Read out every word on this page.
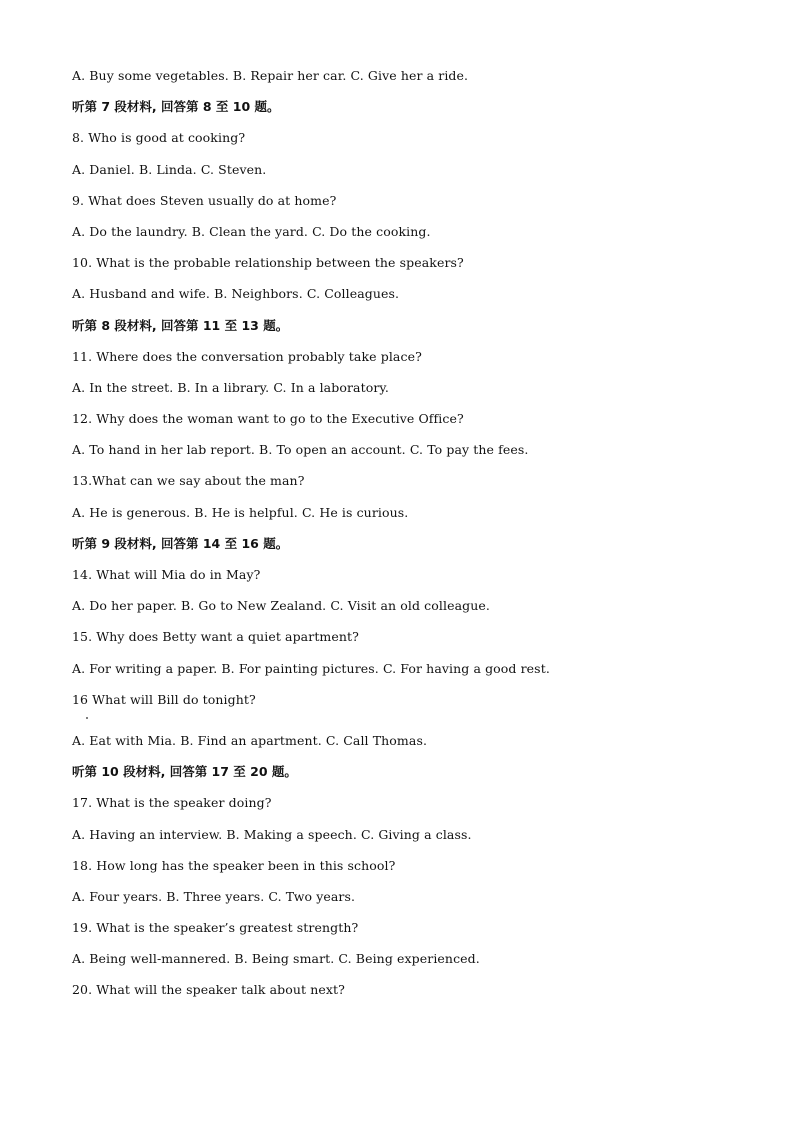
A. Buy some vegetables. B. Repair her car. C. Give her a ride.
听第 7 段材料, 回答第 8 至 10 题。
8. Who is good at cooking?
A. Daniel. B. Linda. C. Steven.
9. What does Steven usually do at home?
A. Do the laundry. B. Clean the yard. C. Do the cooking.
10. What is the probable relationship between the speakers?
A. Husband and wife. B. Neighbors. C. Colleagues.
听第 8 段材料, 回答第 11 至 13 题。
11. Where does the conversation probably take place?
A. In the street. B. In a library. C. In a laboratory.
12. Why does the woman want to go to the Executive Office?
A. To hand in her lab report. B. To open an account. C. To pay the fees.
13.What can we say about the man?
A. He is generous. B. He is helpful. C. He is curious.
听第 9 段材料, 回答第 14 至 16 题。
14. What will Mia do in May?
A. Do her paper. B. Go to New Zealand. C. Visit an old colleague.
15. Why does Betty want a quiet apartment?
A. For writing a paper. B. For painting pictures. C. For having a good rest.
16 What will Bill do tonight?
A. Eat with Mia. B. Find an apartment. C. Call Thomas.
听第 10 段材料, 回答第 17 至 20 题。
17. What is the speaker doing?
A. Having an interview. B. Making a speech. C. Giving a class.
18. How long has the speaker been in this school?
A. Four years. B. Three years. C. Two years.
19. What is the speaker’s greatest strength?
A. Being well-mannered. B. Being smart. C. Being experienced.
20. What will the speaker talk about next?
